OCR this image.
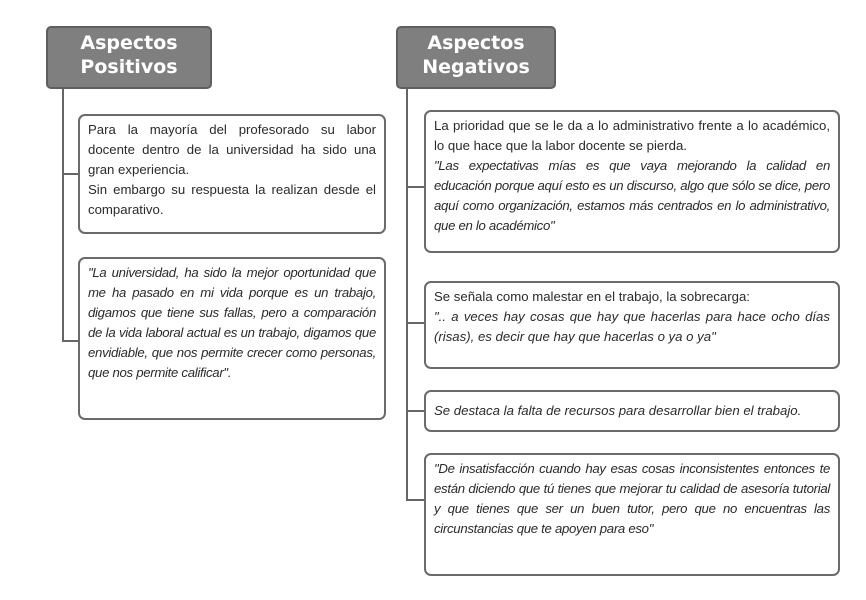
Aspectos
Positivos
Aspectos
Negativos
Para la mayoría del profesorado su labor docente dentro de la universidad ha sido una gran experiencia.
Sin embargo su respuesta la realizan desde el comparativo.
"La universidad, ha sido la mejor oportunidad que me ha pasado en mi vida porque es un trabajo, digamos que tiene sus fallas, pero a comparación de la vida laboral actual es un trabajo, digamos que envidiable, que nos permite crecer como personas, que nos permite calificar".
La prioridad que se le da a lo administrativo frente a lo académico, lo que hace que la labor docente se pierda.
"Las expectativas mías es que vaya mejorando la calidad en educación porque aquí esto es un discurso, algo que sólo se dice, pero aquí como organización, estamos más centrados en lo administrativo, que en lo académico"
Se señala como malestar en el trabajo, la sobrecarga:
".. a veces hay cosas que hay que hacerlas para hace ocho días (risas), es decir que hay que hacerlas o ya o ya"
Se destaca la falta de recursos para desarrollar bien el trabajo.
"De insatisfacción cuando hay esas cosas inconsistentes entonces te están diciendo que tú tienes que mejorar tu calidad de asesoría tutorial y que tienes que ser un buen tutor, pero que no encuentras las circunstancias que te apoyen para eso"
